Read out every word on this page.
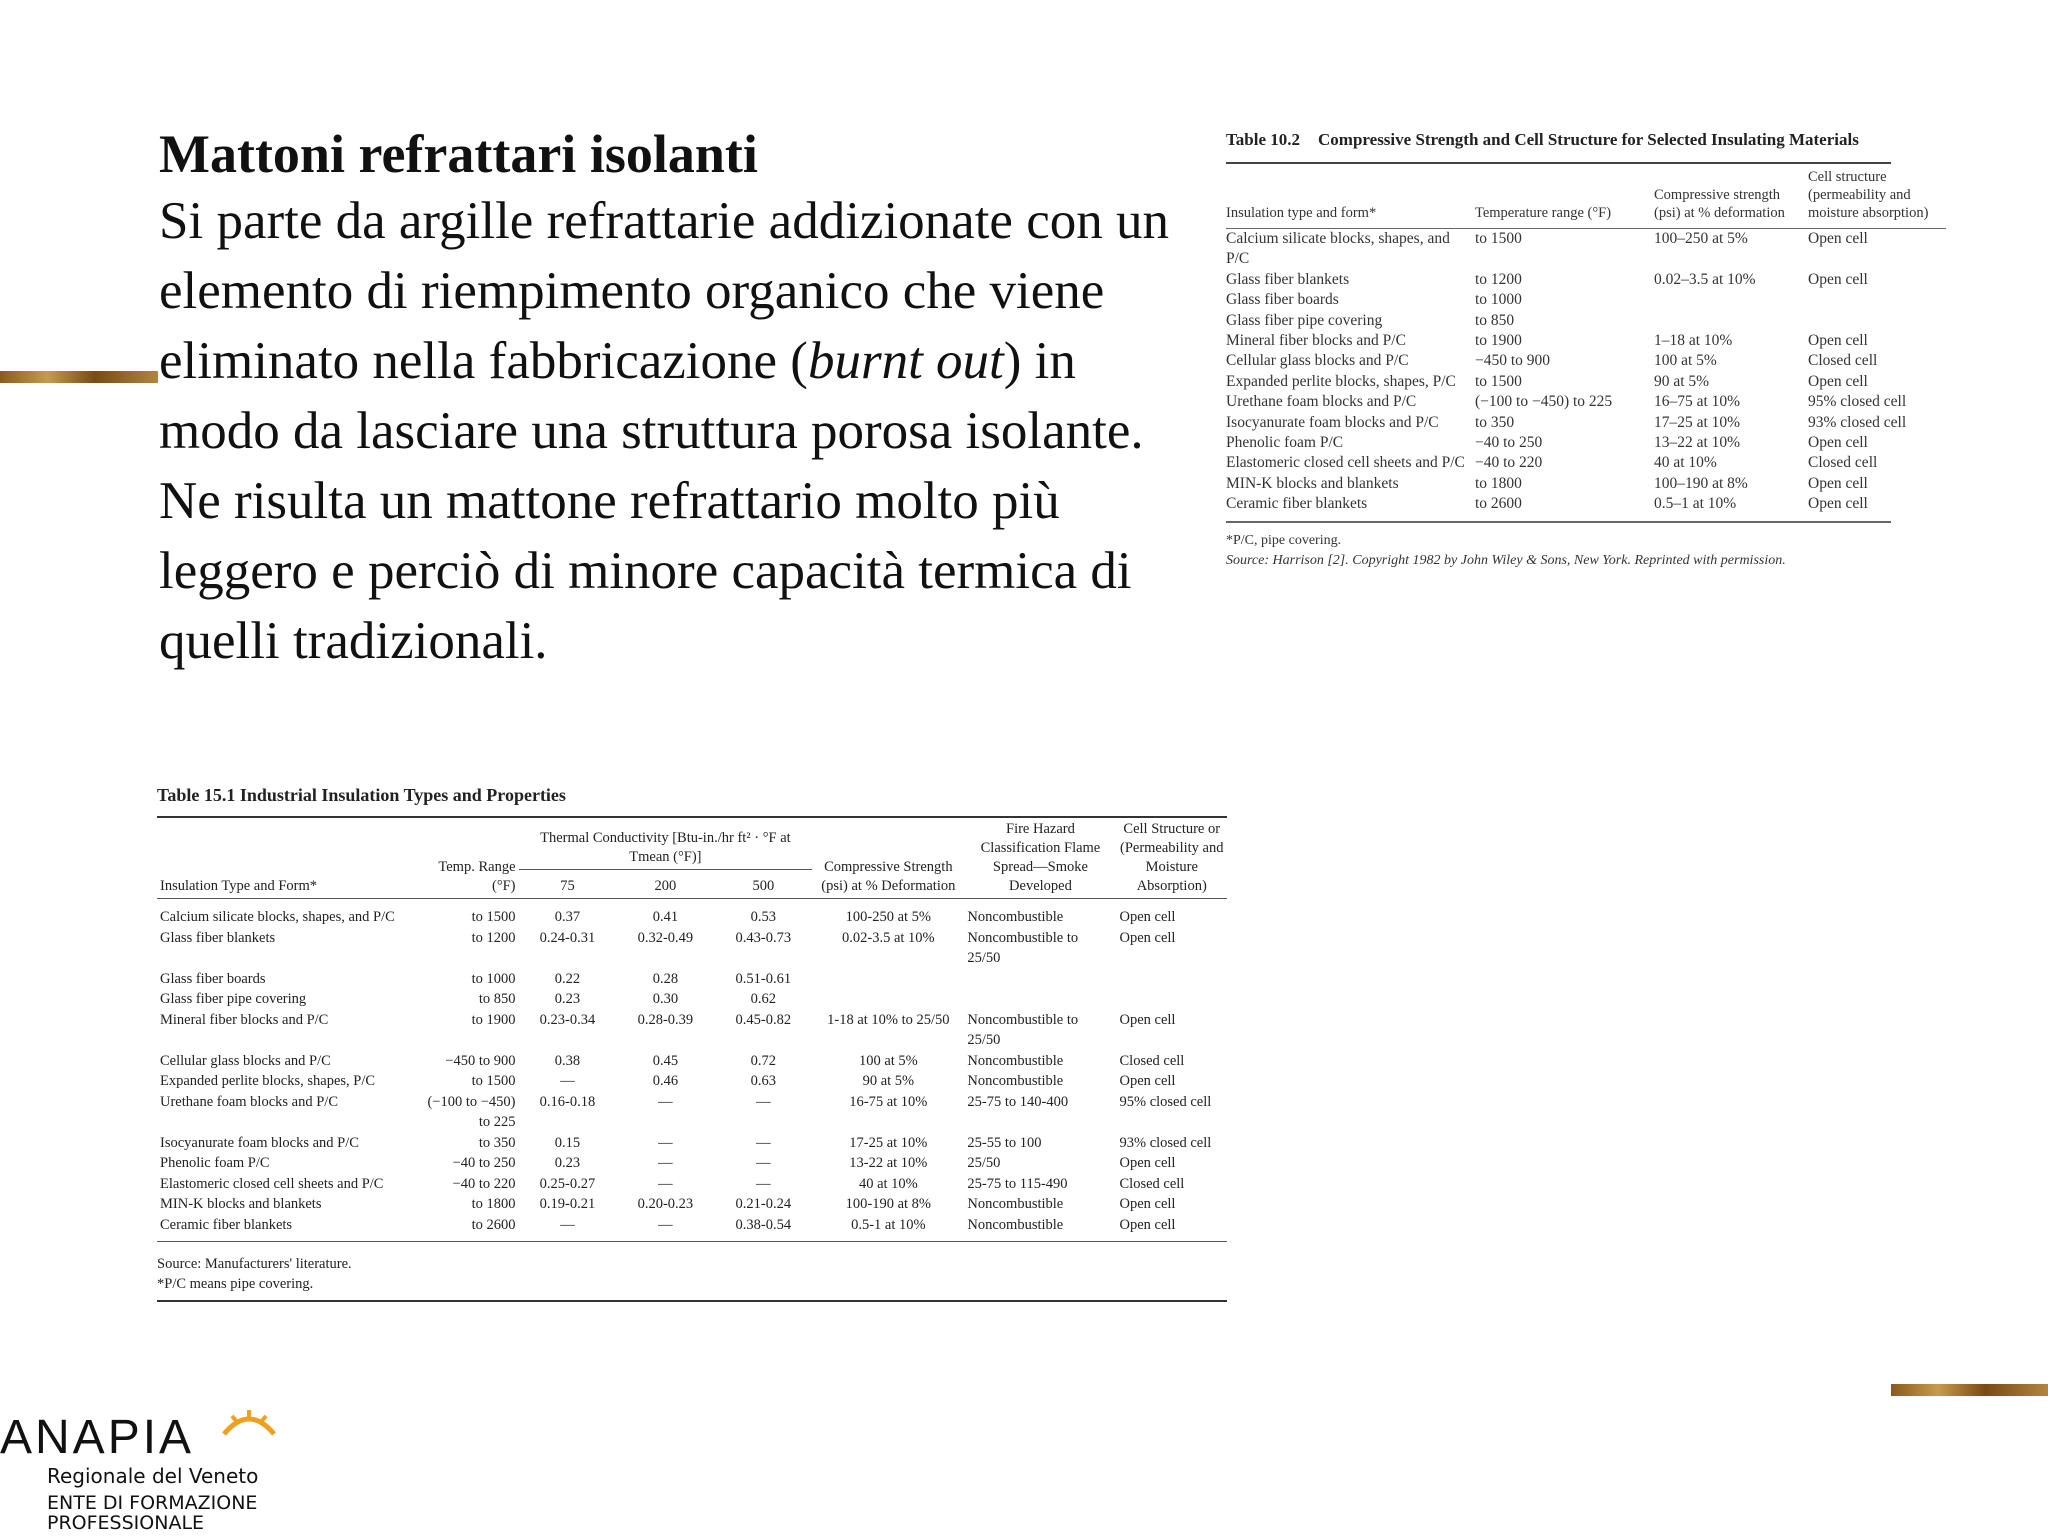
Mattoni refrattari isolanti

Si parte da argille refrattarie addizionate con un elemento di riempimento organico che viene eliminato nella fabbricazione (burnt out) in modo da lasciare una struttura porosa isolante. Ne risulta un mattone refrattario molto più leggero e perciò di minore capacità termica di quelli tradizionali.

Table 10.2 Compressive Strength and Cell Structure for Selected Insulating Materials
Insulation type and form*	Temperature range (°F)	Compressive strength (psi) at % deformation	Cell structure (permeability and moisture absorption)

Calcium silicate blocks, shapes, and P/C	to 1500	100–250 at 5%	Open cell
Glass fiber blankets	to 1200	0.02–3.5 at 10%	Open cell
Glass fiber boards	to 1000		
Glass fiber pipe covering	to 850		
Mineral fiber blocks and P/C	to 1900	1–18 at 10%	Open cell
Cellular glass blocks and P/C	−450 to 900	100 at 5%	Closed cell
Expanded perlite blocks, shapes, P/C	to 1500	90 at 5%	Open cell
Urethane foam blocks and P/C	(−100 to −450) to 225	16–75 at 10%	95% closed cell
Isocyanurate foam blocks and P/C	to 350	17–25 at 10%	93% closed cell
Phenolic foam P/C	−40 to 250	13–22 at 10%	Open cell
Elastomeric closed cell sheets and P/C	−40 to 220	40 at 10%	Closed cell
MIN-K blocks and blankets	to 1800	100–190 at 8%	Open cell
Ceramic fiber blankets	to 2600	0.5–1 at 10%	Open cell
*P/C, pipe covering.
Source: Harrison [2]. Copyright 1982 by John Wiley & Sons, New York. Reprinted with permission.
Table 15.1 Industrial Insulation Types and Properties
Insulation Type and Form*	Temp. Range (°F)	Thermal Conductivity [Btu-in./hr ft² · °F at Tmean (°F)]			Compressive Strength (psi) at % Deformation	Fire Hazard Classification Flame Spread—Smoke Developed	Cell Structure or (Permeability and Moisture Absorption)
		75	200	500			

Calcium silicate blocks, shapes, and P/C	to 1500	0.37	0.41	0.53	100-250 at 5%	Noncombustible	Open cell
Glass fiber blankets	to 1200	0.24-0.31	0.32-0.49	0.43-0.73	0.02-3.5 at 10%	Noncombustible to 25/50	Open cell
Glass fiber boards	to 1000	0.22	0.28	0.51-0.61			
Glass fiber pipe covering	to 850	0.23	0.30	0.62			
Mineral fiber blocks and P/C	to 1900	0.23-0.34	0.28-0.39	0.45-0.82	1-18 at 10% to 25/50	Noncombustible to 25/50	Open cell
Cellular glass blocks and P/C	−450 to 900	0.38	0.45	0.72	100 at 5%	Noncombustible	Closed cell
Expanded perlite blocks, shapes, P/C	to 1500	—	0.46	0.63	90 at 5%	Noncombustible	Open cell
Urethane foam blocks and P/C	(−100 to −450) to 225	0.16-0.18	—	—	16-75 at 10%	25-75 to 140-400	95% closed cell
Isocyanurate foam blocks and P/C	to 350	0.15	—	—	17-25 at 10%	25-55 to 100	93% closed cell
Phenolic foam P/C	−40 to 250	0.23	—	—	13-22 at 10%	25/50	Open cell
Elastomeric closed cell sheets and P/C	−40 to 220	0.25-0.27	—	—	40 at 10%	25-75 to 115-490	Closed cell
MIN-K blocks and blankets	to 1800	0.19-0.21	0.20-0.23	0.21-0.24	100-190 at 8%	Noncombustible	Open cell
Ceramic fiber blankets	to 2600	—	—	0.38-0.54	0.5-1 at 10%	Noncombustible	Open cell
Source: Manufacturers' literature.
*P/C means pipe covering.
ANAPIA
Regionale del Veneto
ENTE DI FORMAZIONE PROFESSIONALE
